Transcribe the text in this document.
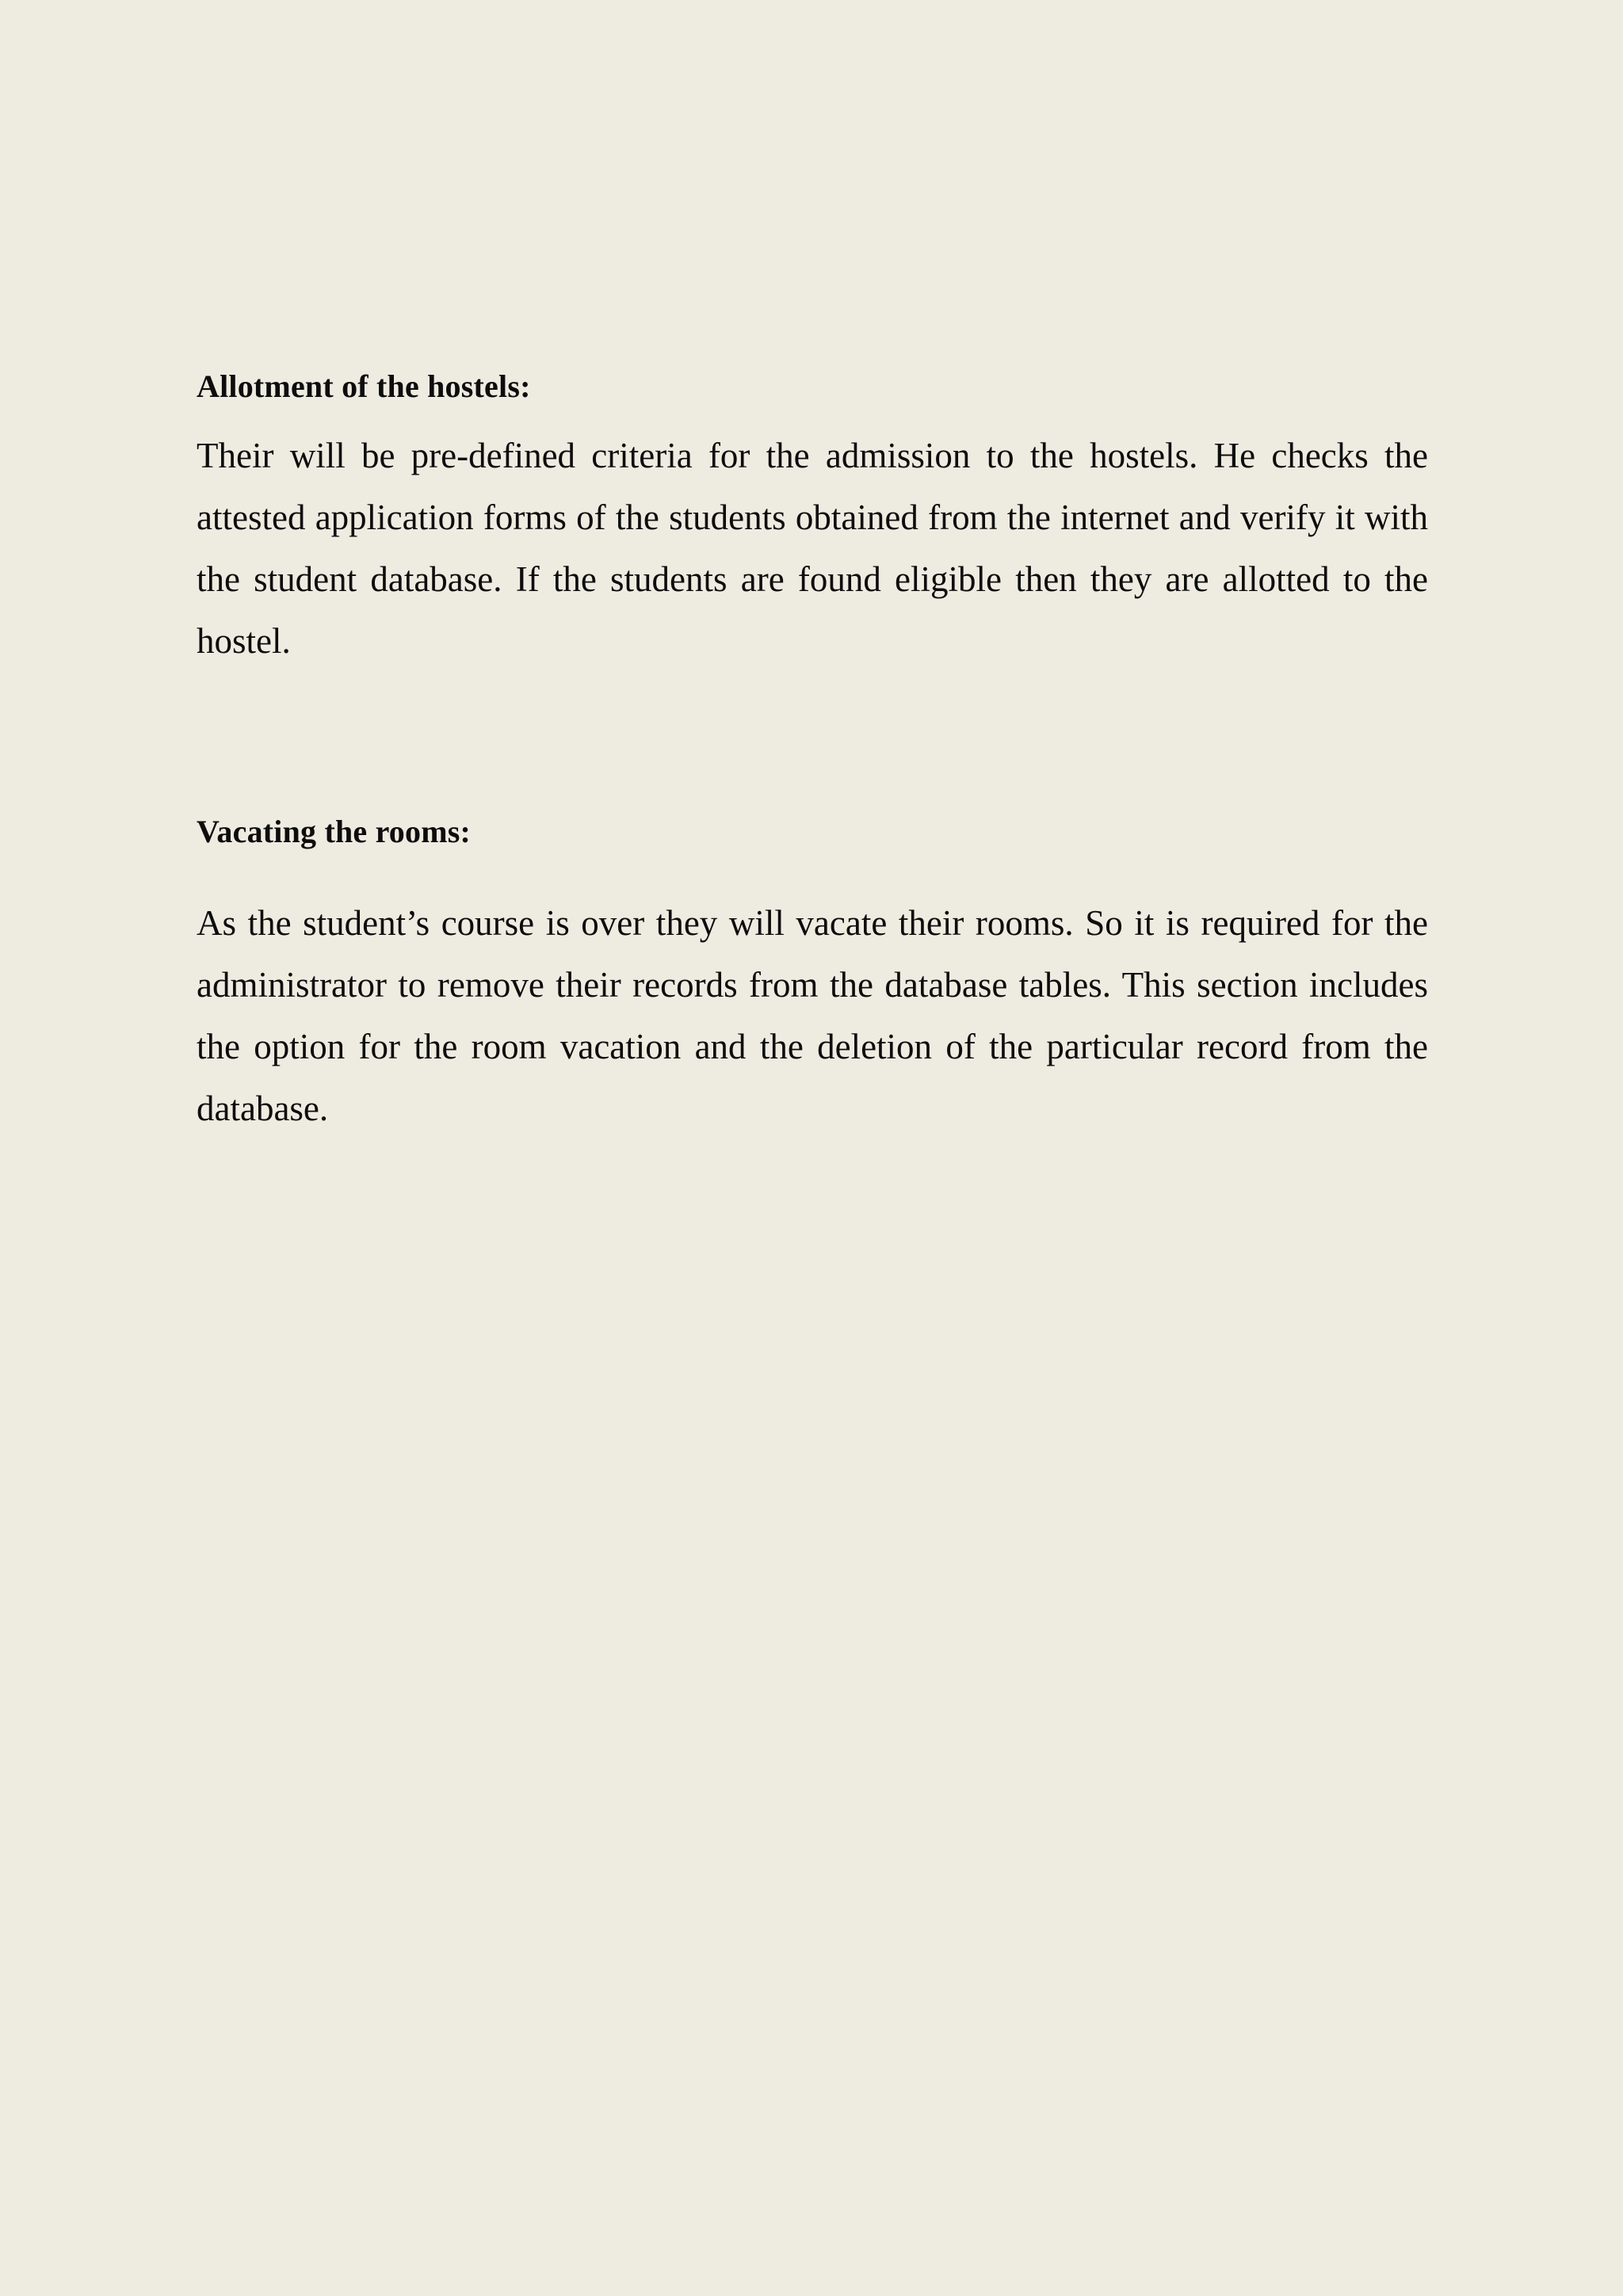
Allotment of the hostels:

Their will be pre-defined criteria for the admission to the hostels. He checks the attested application forms of the students obtained from the internet and verify it with the student database. If the students are found eligible then they are allotted to the hostel.

Vacating the rooms:

As the student’s course is over they will vacate their rooms. So it is required for the administrator to remove their records from the database tables. This section includes the option for the room vacation and the deletion of the particular record from the database.
